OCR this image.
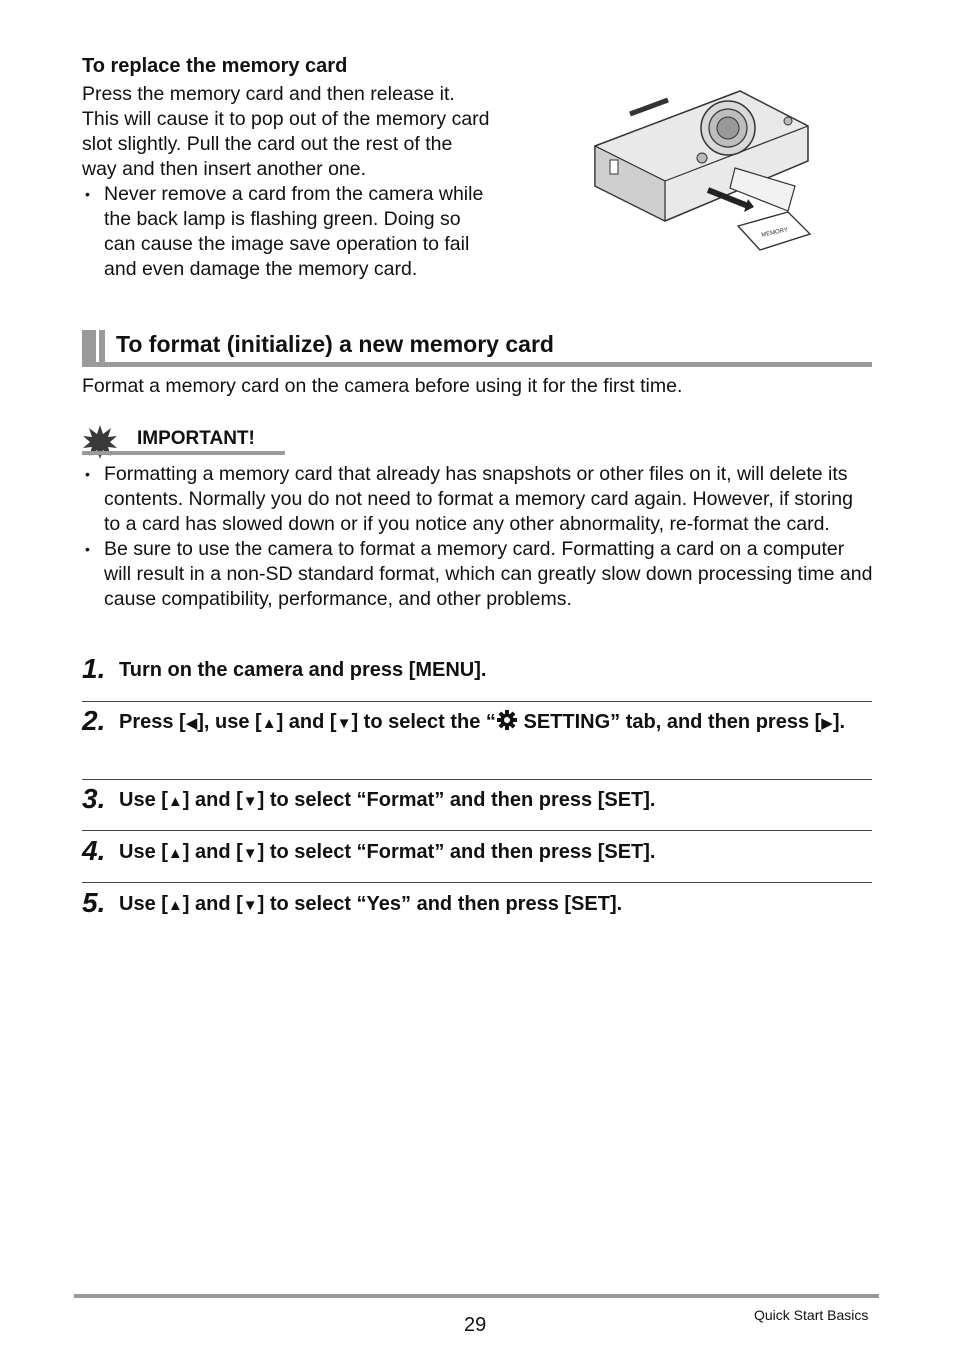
To replace the memory card

Press the memory card and then release it. This will cause it to pop out of the memory card slot slightly. Pull the card out the rest of the way and then insert another one.

• Never remove a card from the camera while the back lamp is flashing green. Doing so can cause the image save operation to fail and even damage the memory card.
MEMORY
To format (initialize) a new memory card
Format a memory card on the camera before using it for the first time.
IMPORTANT!
• Formatting a memory card that already has snapshots or other files on it, will delete its contents. Normally you do not need to format a memory card again. However, if storing to a card has slowed down or if you notice any other abnormality, re-format the card.
• Be sure to use the camera to format a memory card. Formatting a card on a computer will result in a non-SD standard format, which can greatly slow down processing time and cause compatibility, performance, and other problems.
1. Turn on the camera and press [MENU].
2. Press [◀], use [▲] and [▼] to select the “ SETTING” tab, and then press [▶].
3. Use [▲] and [▼] to select “Format” and then press [SET].
4. Use [▲] and [▼] to select “Format” and then press [SET].
5. Use [▲] and [▼] to select “Yes” and then press [SET].
29	Quick Start Basics
